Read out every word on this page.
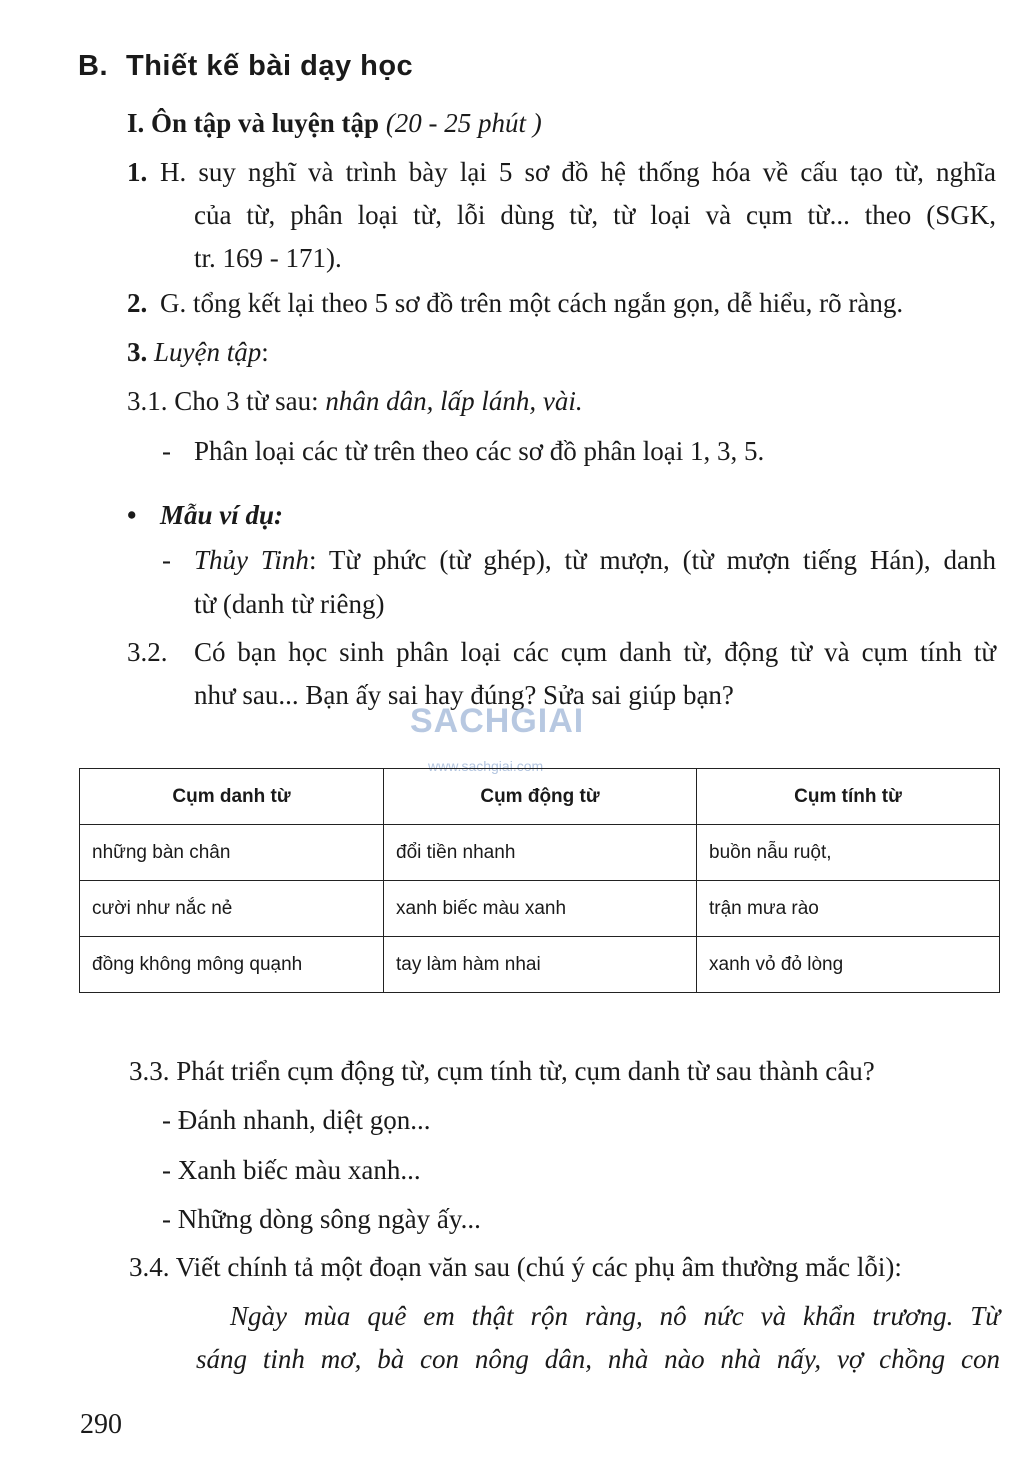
B. Thiết kế bài dạy học
I. Ôn tập và luyện tập (20 - 25 phút )
1. H. suy nghĩ và trình bày lại 5 sơ đồ hệ thống hóa về cấu tạo từ, nghĩa
của từ, phân loại từ, lỗi dùng từ, từ loại và cụm từ... theo (SGK,
tr. 169 - 171).
2. G. tổng kết lại theo 5 sơ đồ trên một cách ngắn gọn, dễ hiểu, rõ ràng.
3. Luyện tập:
3.1. Cho 3 từ sau: nhân dân, lấp lánh, vài.
- Phân loại các từ trên theo các sơ đồ phân loại 1, 3, 5.
• Mẫu ví dụ:
- Thủy Tinh: Từ phức (từ ghép), từ mượn, (từ mượn tiếng Hán), danh
từ (danh từ riêng)
3.2. Có bạn học sinh phân loại các cụm danh từ, động từ và cụm tính từ
như sau... Bạn ấy sai hay đúng? Sửa sai giúp bạn?
SACHGIAI
www.sachgiai.com
Cụm danh từ	Cụm động từ	Cụm tính từ
những bàn chân	đổi tiền nhanh	buồn nẫu ruột,
cười như nắc nẻ	xanh biếc màu xanh	trận mưa rào
đồng không mông quạnh	tay làm hàm nhai	xanh vỏ đỏ lòng
3.3. Phát triển cụm động từ, cụm tính từ, cụm danh từ sau thành câu?
- Đánh nhanh, diệt gọn...
- Xanh biếc màu xanh...
- Những dòng sông ngày ấy...
3.4. Viết chính tả một đoạn văn sau (chú ý các phụ âm thường mắc lỗi):
Ngày mùa quê em thật rộn ràng, nô nức và khẩn trương. Từ
sáng tinh mơ, bà con nông dân, nhà nào nhà nấy, vợ chồng con
290
